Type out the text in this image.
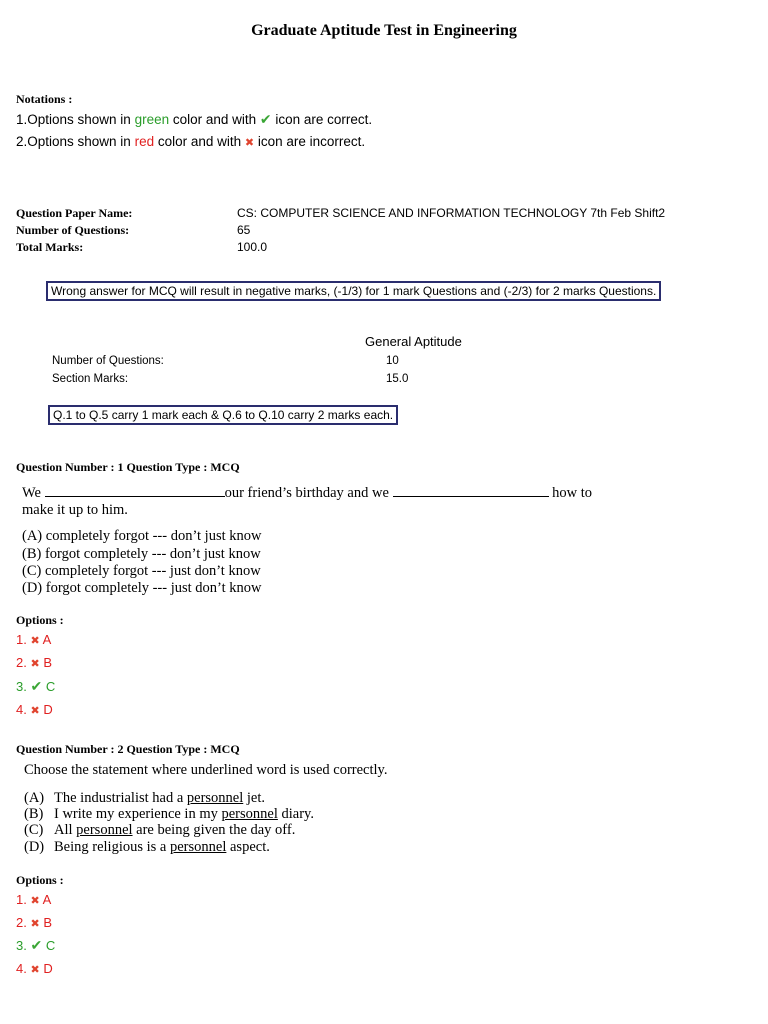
Graduate Aptitude Test in Engineering
Notations :
1.Options shown in green color and with ✔ icon are correct.
2.Options shown in red color and with ✖ icon are incorrect.
Question Paper Name:	CS: COMPUTER SCIENCE AND INFORMATION TECHNOLOGY 7th Feb Shift2
Number of Questions:	65
Total Marks:	100.0
Wrong answer for MCQ will result in negative marks, (-1/3) for 1 mark Questions and (-2/3) for 2 marks Questions.
General Aptitude
Number of Questions:	10
Section Marks:	15.0
Q.1 to Q.5 carry 1 mark each & Q.6 to Q.10 carry 2 marks each.
Question Number : 1 Question Type : MCQ
We	our friend’s birthday and we	how to
make it up to him.
(A) completely forgot --- don’t just know
(B) forgot completely --- don’t just know
(C) completely forgot --- just don’t know
(D) forgot completely --- just don’t know
Options :
1. ✖ A
2. ✖ B
3. ✔ C
4. ✖ D
Question Number : 2 Question Type : MCQ
Choose the statement where underlined word is used correctly.
(A) The industrialist had a personnel jet.
(B) I write my experience in my personnel diary.
(C) All personnel are being given the day off.
(D) Being religious is a personnel aspect.
Options :
1. ✖ A
2. ✖ B
3. ✔ C
4. ✖ D
